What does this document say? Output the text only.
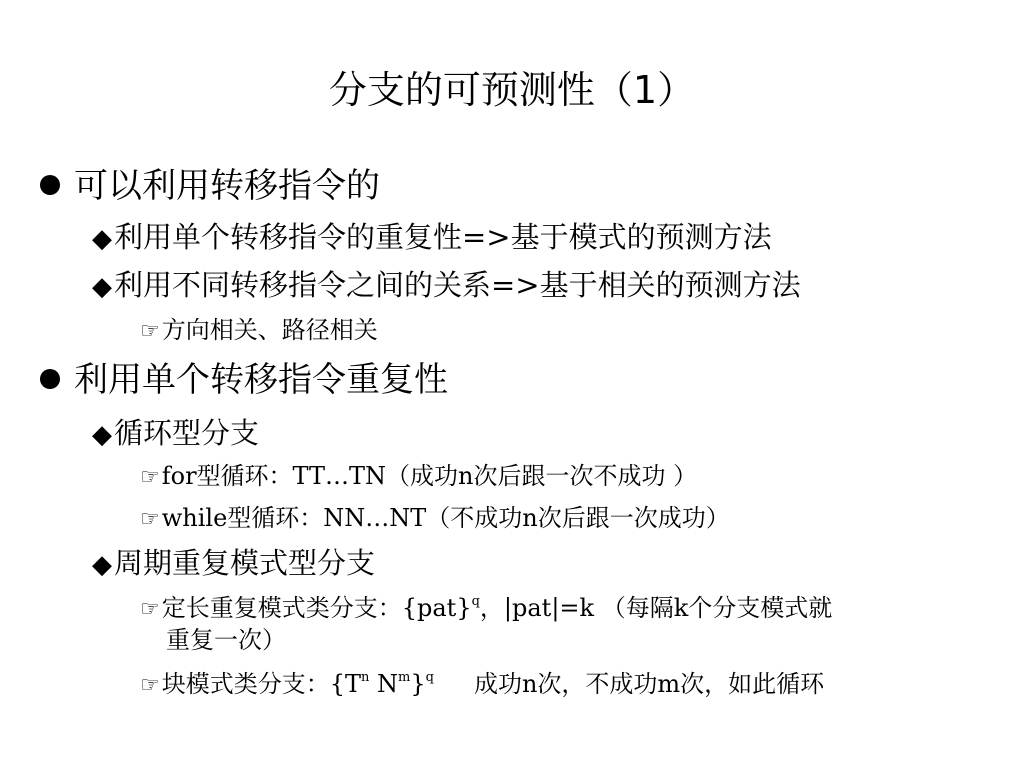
分支的可预测性（1）
可以利用转移指令的
◆ 利用单个转移指令的重复性=>基于模式的预测方法
◆ 利用不同转移指令之间的关系=>基于相关的预测方法
☞ 方向相关、路径相关
利用单个转移指令重复性
◆ 循环型分支
☞ for型循环：TT…TN（成功n次后跟一次不成功 ）
☞ while型循环：NN…NT（不成功n次后跟一次成功）
◆ 周期重复模式型分支
☞ 定长重复模式类分支：{pat}$^q$，|pat|=k （每隔k个分支模式就
重复一次）
☞ 块模式类分支：{$T^n$ $N^m\}^q$ 成功n次，不成功m次，如此循环
